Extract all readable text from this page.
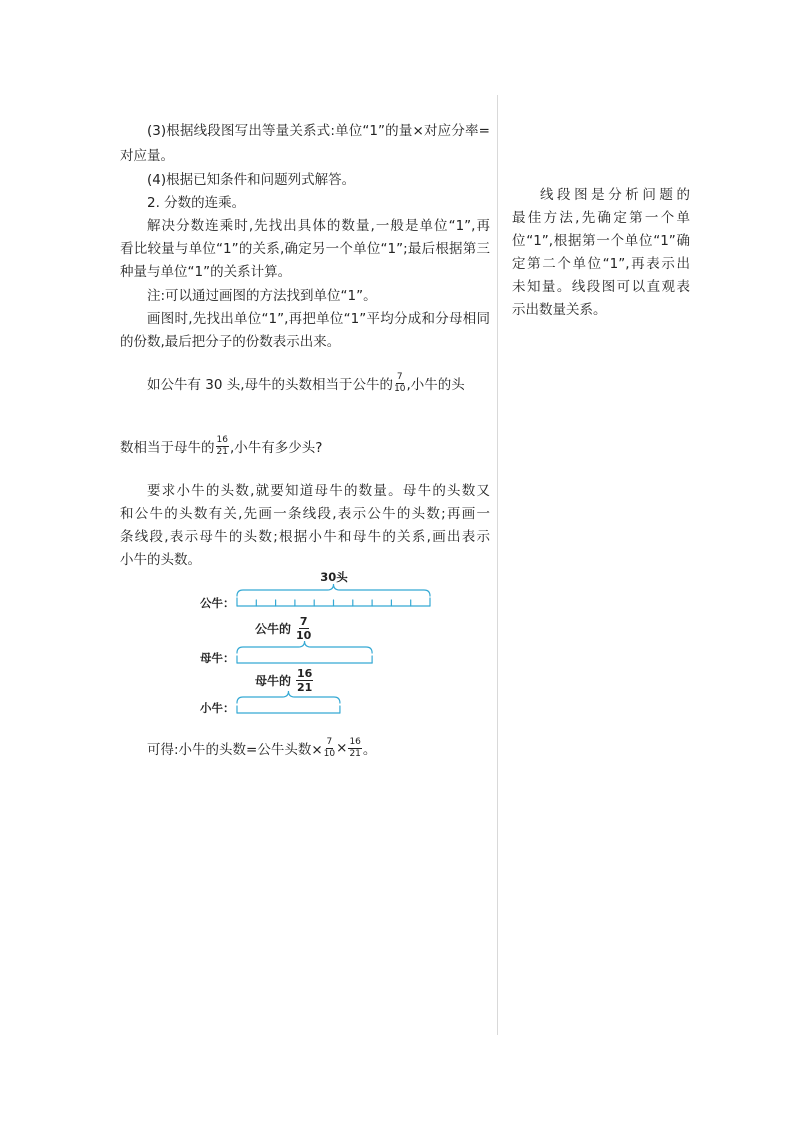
(3)根据线段图写出等量关系式:单位“1”的量×对应分率=
对应量。
(4)根据已知条件和问题列式解答。
2. 分数的连乘。
解决分数连乘时,先找出具体的数量,一般是单位“1”,再
看比较量与单位“1”的关系,确定另一个单位“1”;最后根据第三
种量与单位“1”的关系计算。
注:可以通过画图的方法找到单位“1”。
画图时,先找出单位“1”,再把单位“1”平均分成和分母相同
的份数,最后把分子的份数表示出来。
如公牛有 30 头,母牛的头数相当于公牛的 $\frac{7}{10}$ ,小牛的头
数相当于母牛的 $\frac{16}{21}$ ,小牛有多少头?
要求小牛的头数,就要知道母牛的数量。母牛的头数又
和公牛的头数有关,先画一条线段,表示公牛的头数;再画一
条线段,表示母牛的头数;根据小牛和母牛的关系,画出表示
小牛的头数。
30头
公牛：
公牛的 $\frac{7}{10}$
母牛：
母牛的 $\frac{16}{21}$
小牛：
可得:小牛的头数=公牛头数× $\frac{7}{10} \times \frac{16}{21}$ 。
线段图是分析问题的
最佳方法,先确定第一个单
位“1”,根据第一个单位“1”确
定第二个单位“1”,再表示出
未知量。线段图可以直观表
示出数量关系。
